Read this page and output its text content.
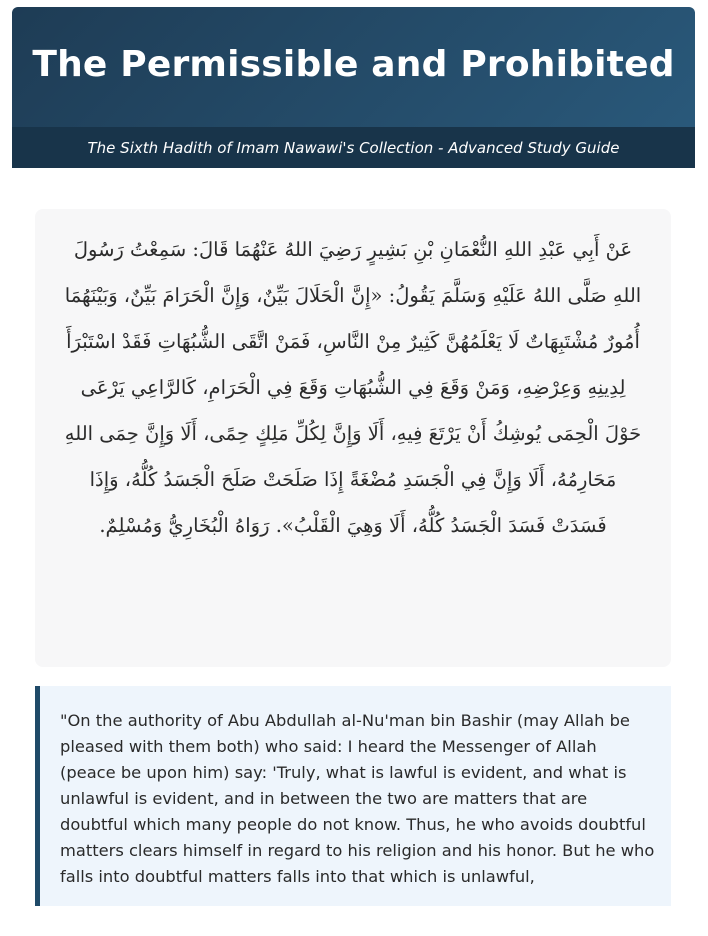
The Permissible and Prohibited
The Sixth Hadith of Imam Nawawi's Collection - Advanced Study Guide

عَنْ أَبِي عَبْدِ اللهِ النُّعْمَانِ بْنِ بَشِيرٍ رَضِيَ اللهُ عَنْهُمَا قَالَ: سَمِعْتُ رَسُولَ اللهِ صَلَّى اللهُ عَلَيْهِ وَسَلَّمَ يَقُولُ: «إِنَّ الْحَلَالَ بَيِّنٌ، وَإِنَّ الْحَرَامَ بَيِّنٌ، وَبَيْنَهُمَا أُمُورٌ مُشْتَبِهَاتٌ لَا يَعْلَمُهُنَّ كَثِيرٌ مِنْ النَّاسِ، فَمَنْ اتَّقَى الشُّبُهَاتِ فَقَدْ اسْتَبْرَأَ لِدِينِهِ وَعِرْضِهِ، وَمَنْ وَقَعَ فِي الشُّبُهَاتِ وَقَعَ فِي الْحَرَامِ، كَالرَّاعِي يَرْعَى حَوْلَ الْحِمَى يُوشِكُ أَنْ يَرْتَعَ فِيهِ، أَلَا وَإِنَّ لِكُلِّ مَلِكٍ حِمًى، أَلَا وَإِنَّ حِمَى اللهِ مَحَارِمُهُ، أَلَا وَإِنَّ فِي الْجَسَدِ مُضْغَةً إِذَا صَلَحَتْ صَلَحَ الْجَسَدُ كُلُّهُ، وَإِذَا فَسَدَتْ فَسَدَ الْجَسَدُ كُلُّهُ، أَلَا وَهِيَ الْقَلْبُ». رَوَاهُ الْبُخَارِيُّ وَمُسْلِمٌ.

"On the authority of Abu Abdullah al-Nu'man bin Bashir (may Allah be pleased with them both) who said: I heard the Messenger of Allah (peace be upon him) say: 'Truly, what is lawful is evident, and what is unlawful is evident, and in between the two are matters that are doubtful which many people do not know. Thus, he who avoids doubtful matters clears himself in regard to his religion and his honor. But he who falls into doubtful matters falls into that which is unlawful,
